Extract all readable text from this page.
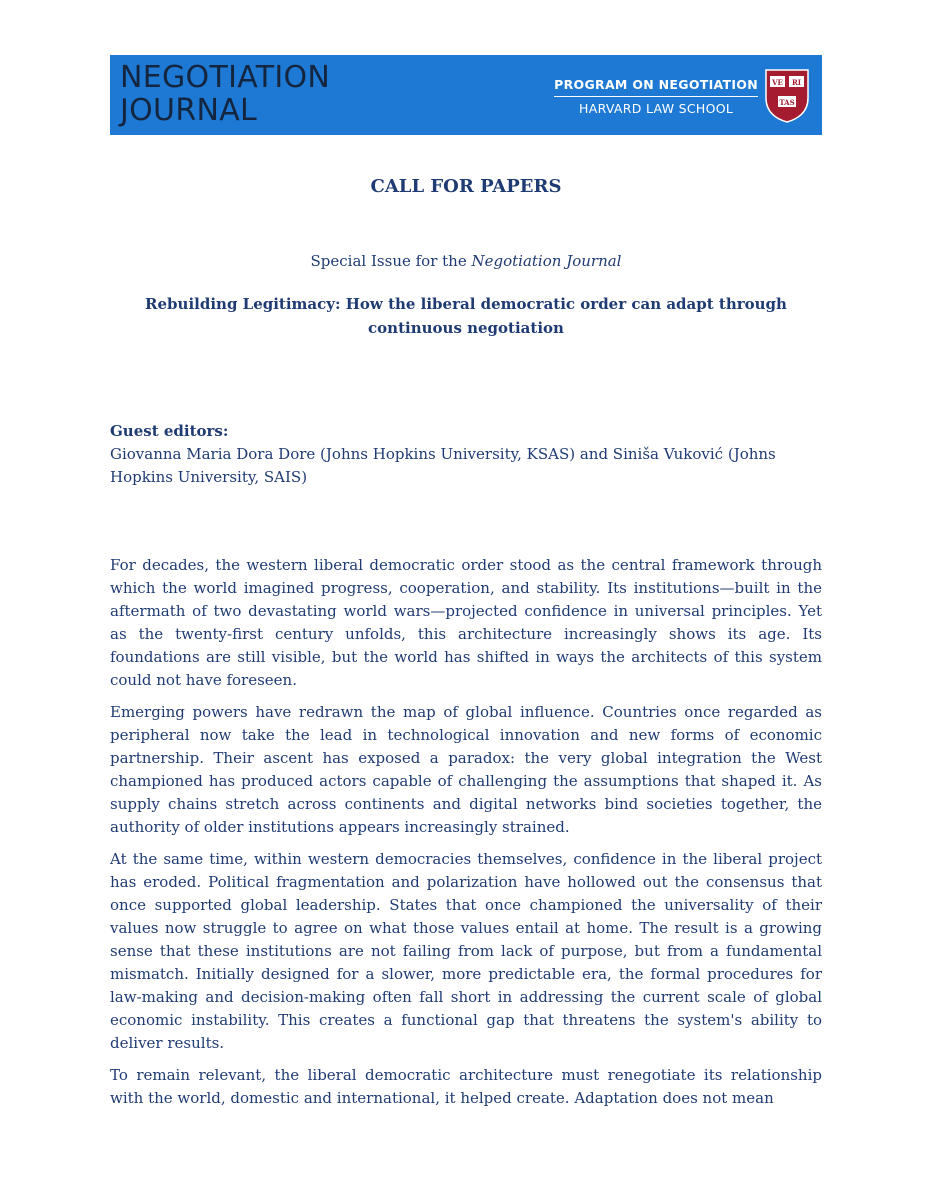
NEGOTIATION
JOURNAL
PROGRAM ON NEGOTIATION
HARVARD LAW SCHOOL
VE RI
TAS
CALL FOR PAPERS
Special Issue for the Negotiation Journal
Rebuilding Legitimacy: How the liberal democratic order can adapt through continuous negotiation
Guest editors:
Giovanna Maria Dora Dore (Johns Hopkins University, KSAS) and Siniša Vuković (Johns Hopkins University, SAIS)

For decades, the western liberal democratic order stood as the central framework through which the world imagined progress, cooperation, and stability. Its institutions—built in the aftermath of two devastating world wars—projected confidence in universal principles. Yet as the twenty-first century unfolds, this architecture increasingly shows its age. Its foundations are still visible, but the world has shifted in ways the architects of this system could not have foreseen.

Emerging powers have redrawn the map of global influence. Countries once regarded as peripheral now take the lead in technological innovation and new forms of economic partnership. Their ascent has exposed a paradox: the very global integration the West championed has produced actors capable of challenging the assumptions that shaped it. As supply chains stretch across continents and digital networks bind societies together, the authority of older institutions appears increasingly strained.

At the same time, within western democracies themselves, confidence in the liberal project has eroded. Political fragmentation and polarization have hollowed out the consensus that once supported global leadership. States that once championed the universality of their values now struggle to agree on what those values entail at home. The result is a growing sense that these institutions are not failing from lack of purpose, but from a fundamental mismatch. Initially designed for a slower, more predictable era, the formal procedures for law-making and decision-making often fall short in addressing the current scale of global economic instability. This creates a functional gap that threatens the system's ability to deliver results.

To remain relevant, the liberal democratic architecture must renegotiate its relationship with the world, domestic and international, it helped create. Adaptation does not mean
